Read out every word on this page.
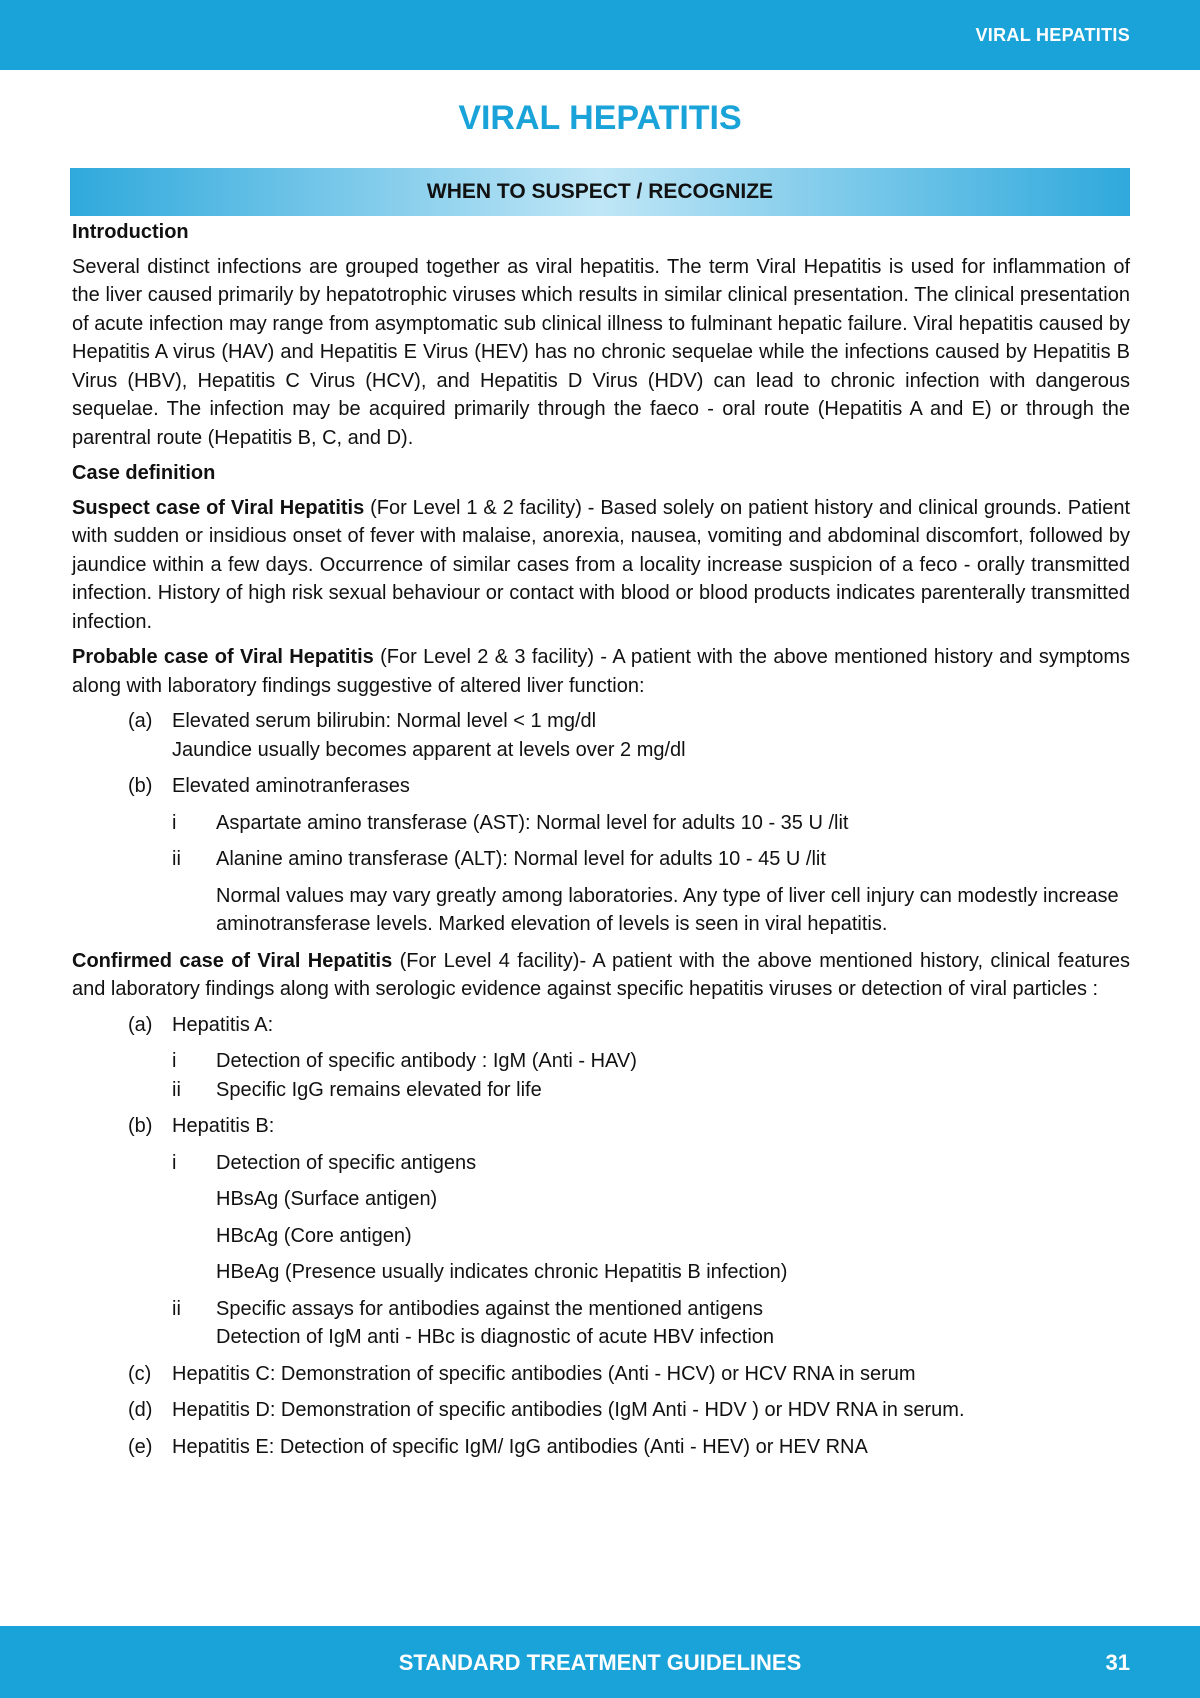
VIRAL HEPATITIS
VIRAL HEPATITIS
WHEN TO SUSPECT / RECOGNIZE

Introduction

Several distinct infections are grouped together as viral hepatitis. The term Viral Hepatitis is used for inflammation of the liver caused primarily by hepatotrophic viruses which results in similar clinical presentation. The clinical presentation of acute infection may range from asymptomatic sub clinical illness to fulminant hepatic failure. Viral hepatitis caused by Hepatitis A virus (HAV) and Hepatitis E Virus (HEV) has no chronic sequelae while the infections caused by Hepatitis B Virus (HBV), Hepatitis C Virus (HCV), and Hepatitis D Virus (HDV) can lead to chronic infection with dangerous sequelae. The infection may be acquired primarily through the faeco - oral route (Hepatitis A and E) or through the parentral route (Hepatitis B, C, and D).

Case definition

Suspect case of Viral Hepatitis (For Level 1 & 2 facility) - Based solely on patient history and clinical grounds. Patient with sudden or insidious onset of fever with malaise, anorexia, nausea, vomiting and abdominal discomfort, followed by jaundice within a few days. Occurrence of similar cases from a locality increase suspicion of a feco - orally transmitted infection. History of high risk sexual behaviour or contact with blood or blood products indicates parenterally transmitted infection.

Probable case of Viral Hepatitis (For Level 2 & 3 facility) - A patient with the above mentioned history and symptoms along with laboratory findings suggestive of altered liver function:

(a) Elevated serum bilirubin: Normal level < 1 mg/dl
Jaundice usually becomes apparent at levels over 2 mg/dl
(b) Elevated aminotranferases
i	Aspartate amino transferase (AST): Normal level for adults 10 - 35 U /lit
ii	Alanine amino transferase (ALT): Normal level for adults 10 - 45 U /lit
Normal values may vary greatly among laboratories. Any type of liver cell injury can modestly increase aminotransferase levels. Marked elevation of levels is seen in viral hepatitis.

Confirmed case of Viral Hepatitis (For Level 4 facility)- A patient with the above mentioned history, clinical features and laboratory findings along with serologic evidence against specific hepatitis viruses or detection of viral particles :

(a) Hepatitis A:
i	Detection of specific antibody : IgM (Anti - HAV)
ii	Specific IgG remains elevated for life
(b) Hepatitis B:
i	Detection of specific antigens
HBsAg (Surface antigen)
HBcAg (Core antigen)
HBeAg (Presence usually indicates chronic Hepatitis B infection)
ii	Specific assays for antibodies against the mentioned antigens
Detection of IgM anti - HBc is diagnostic of acute HBV infection
(c)	Hepatitis C: Demonstration of specific antibodies (Anti - HCV) or HCV RNA in serum
(d) Hepatitis D: Demonstration of specific antibodies (IgM Anti - HDV ) or HDV RNA in serum.
(e) Hepatitis E: Detection of specific IgM/ IgG antibodies (Anti - HEV) or HEV RNA
STANDARD TREATMENT GUIDELINES	31
